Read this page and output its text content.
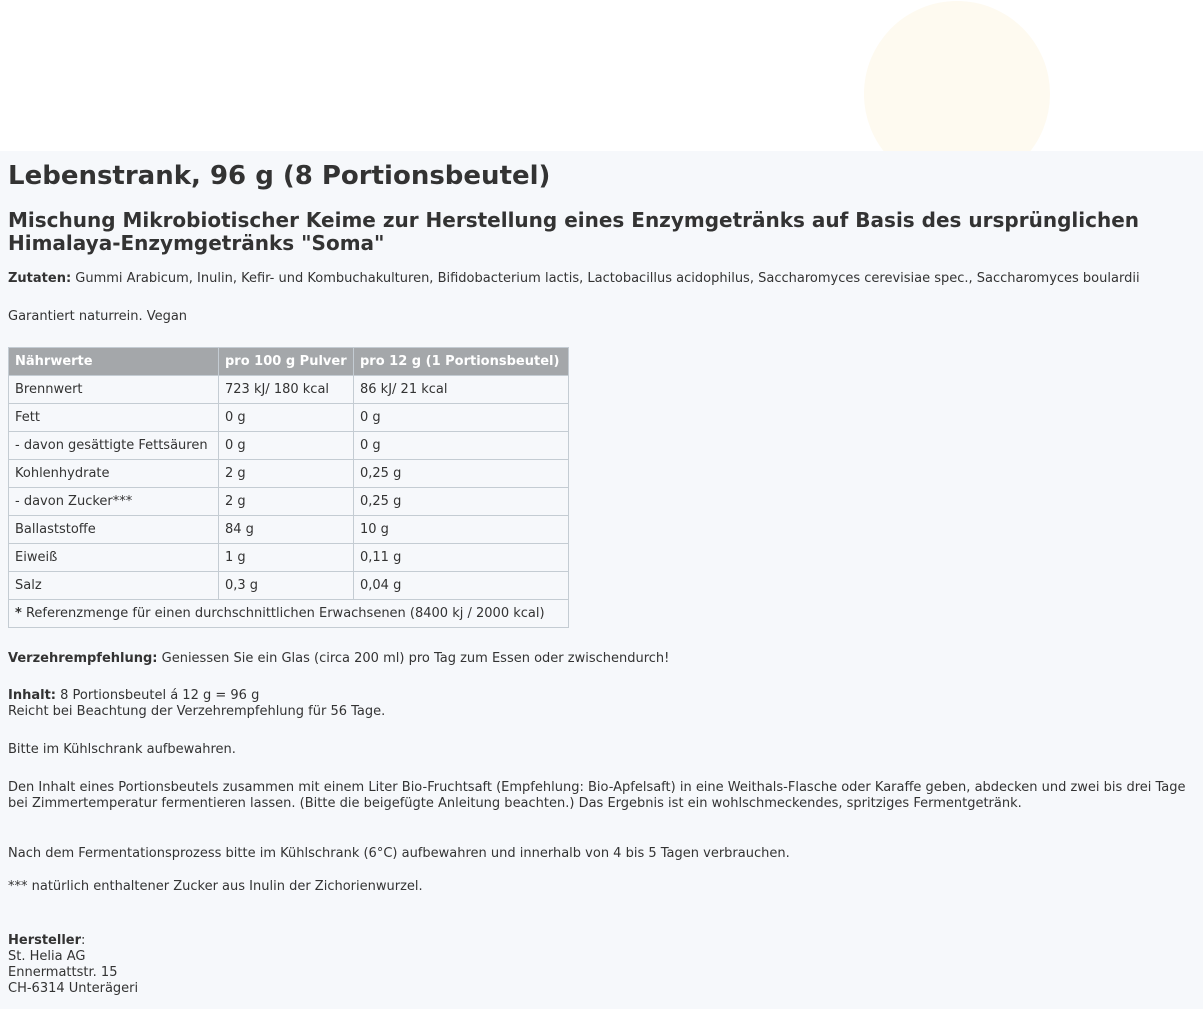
Lebenstrank, 96 g (8 Portionsbeutel)
Mischung Mikrobiotischer Keime zur Herstellung eines Enzymgetränks auf Basis des ursprünglichen Himalaya-Enzymgetränks "Soma"

Zutaten: Gummi Arabicum, Inulin, Kefir- und Kombuchakulturen, Bifidobacterium lactis, Lactobacillus acidophilus, Saccharomyces cerevisiae spec., Saccharomyces boulardii

Garantiert naturrein. Vegan

Nährwerte	pro 100 g Pulver	pro 12 g (1 Portionsbeutel)
Brennwert	723 kJ/ 180 kcal	86 kJ/ 21 kcal
Fett	0 g	0 g
- davon gesättigte Fettsäuren	0 g	0 g
Kohlenhydrate	2 g	0,25 g
- davon Zucker***	2 g	0,25 g
Ballaststoffe	84 g	10 g
Eiweiß	1 g	0,11 g
Salz	0,3 g	0,04 g
* Referenzmenge für einen durchschnittlichen Erwachsenen (8400 kj / 2000 kcal)		

Verzehrempfehlung: Geniessen Sie ein Glas (circa 200 ml) pro Tag zum Essen oder zwischendurch!

Inhalt: 8 Portionsbeutel á 12 g = 96 g
Reicht bei Beachtung der Verzehrempfehlung für 56 Tage.

Bitte im Kühlschrank aufbewahren.

Den Inhalt eines Portionsbeutels zusammen mit einem Liter Bio-Fruchtsaft (Empfehlung: Bio-Apfelsaft) in eine Weithals-Flasche oder Karaffe geben, abdecken und zwei bis drei Tage bei Zimmertemperatur fermentieren lassen. (Bitte die beigefügte Anleitung beachten.) Das Ergebnis ist ein wohlschmeckendes, spritziges Fermentgetränk.

Nach dem Fermentationsprozess bitte im Kühlschrank (6°C) aufbewahren und innerhalb von 4 bis 5 Tagen verbrauchen.

*** natürlich enthaltener Zucker aus Inulin der Zichorienwurzel.

Hersteller:
St. Helia AG
Ennermattstr. 15
CH-6314 Unterägeri
